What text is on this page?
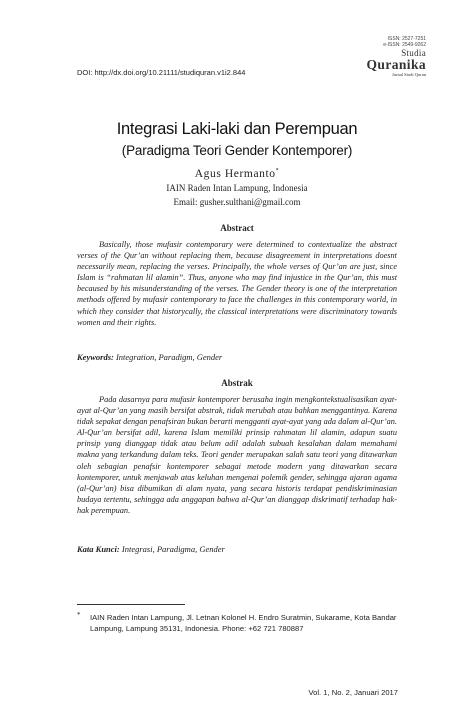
ISSN: 2527-7251
e-ISSN: 2549-9262
Studia
Quranika
Jurnal Studi Quran
DOI: http://dx.doi.org/10.21111/studiquran.v1i2.844
Integrasi Laki-laki dan Perempuan
(Paradigma Teori Gender Kontemporer)
Agus Hermanto*
IAIN Raden Intan Lampung, Indonesia
Email: gusher.sulthani@gmail.com
Abstract

Basically, those mufasir contemporary were determined to contextualize the abstract verses of the Qur’an without replacing them, because disagreement in interpretations doesnt necessarily mean, replacing the verses. Principally, the whole verses of Qur’an are just, since Islam is “rahmatan lil alamin”. Thus, anyone who may find injustice in the Qur’an, this must becaused by his misunderstanding of the verses. The Gender theory is one of the interpretation methods offered by mufasir contemporary to face the challenges in this contemporary world, in which they consider that historycally, the classical interpretations were discriminatory towards women and their rights.

Keywords: Integration, Paradigm, Gender
Abstrak

Pada dasarnya para mufasir kontemporer berusaha ingin mengkontekstualisasikan ayat-ayat al-Qur’an yang masih bersifat abstrak, tidak merubah atau bahkan menggantinya. Karena tidak sepakat dengan penafsiran bukan berarti mengganti ayat-ayat yang ada dalam al-Qur’an. Al-Qur’an bersifat adil, karena Islam memiliki prinsip rahmatan lil alamin, adapun suatu prinsip yang dianggap tidak atau belum adil adalah subuah kesalahan dalam memahami makna yang terkandung dalam teks. Teori gender merupakan salah satu teori yang ditawarkan oleh sebagian penafsir kontemporer sebagai metode modern yang ditawarkan secara kontemporer, untuk menjawab atas keluhan mengenai polemik gender, sehingga ajaran agama (al-Qur’an) bisa dibumikan di alam nyata, yang secara historis terdapat pendiskriminasian budaya tertentu, sehingga ada anggapan bahwa al-Qur’an dianggap diskrimatif terhadap hak-hak perempuan.

Kata Kunci: Integrasi, Paradigma, Gender
* IAIN Raden Intan Lampung, Jl. Letnan Kolonel H. Endro Suratmin, Sukarame, Kota Bandar Lampung, Lampung 35131, Indonesia. Phone: +62 721 780887
Vol. 1, No. 2, Januari 2017
